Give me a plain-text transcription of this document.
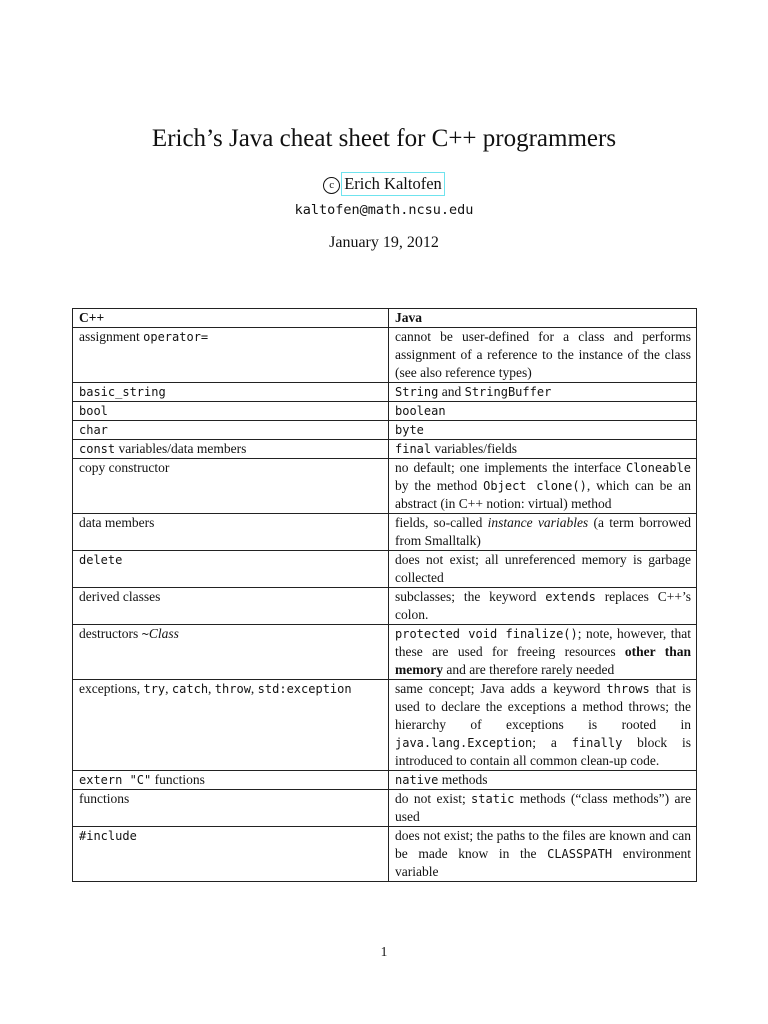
Erich’s Java cheat sheet for C++ programmers
c Erich Kaltofen
kaltofen@math.ncsu.edu
January 19, 2012
C++	Java
assignment operator=	cannot be user-defined for a class and performs assignment of a reference to the instance of the class (see also reference types)
basic_string	String and StringBuffer
bool	boolean
char	byte
const variables/data members	final variables/fields
copy constructor	no default; one implements the interface Cloneable by the method Object clone(), which can be an abstract (in C++ notion: virtual) method
data members	fields, so-called instance variables (a term borrowed from Smalltalk)
delete	does not exist; all unreferenced memory is garbage collected
derived classes	subclasses; the keyword extends replaces C++’s colon.
destructors ~Class	protected void finalize(); note, however, that these are used for freeing resources other than memory and are therefore rarely needed
exceptions, try, catch, throw, std:exception	same concept; Java adds a keyword throws that is used to declare the exceptions a method throws; the hierarchy of exceptions is rooted in java.lang.Exception; a finally block is introduced to contain all common clean-up code.
extern "C" functions	native methods
functions	do not exist; static methods (“class methods”) are used
#include	does not exist; the paths to the files are known and can be made know in the CLASSPATH environment variable
1
